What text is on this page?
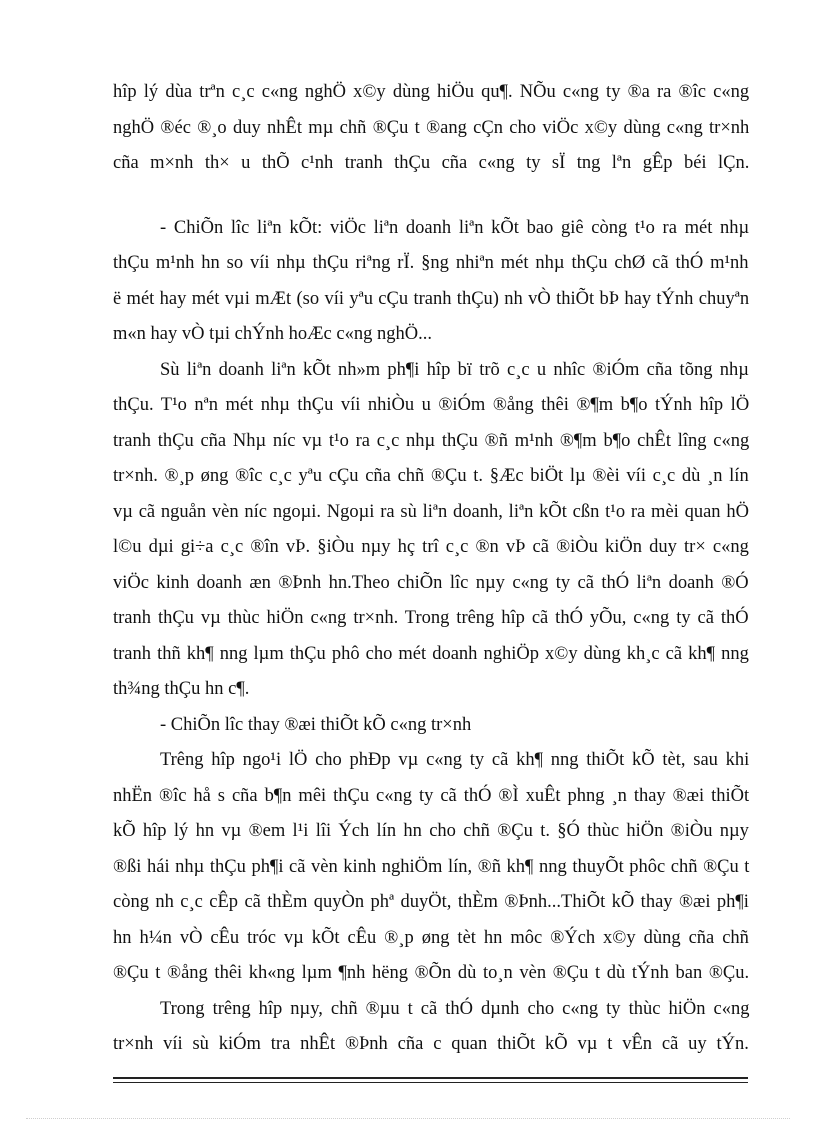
hîp lý dùa trªn c¸c c«ng nghÖ x©y dùng hiÖu qu¶. NÕu c«ng ty ®a ra ®îc c«ng
nghÖ ®éc ®¸o duy nhÊt mµ chñ ®Çu t ®ang cÇn cho viÖc x©y dùng c«ng tr×nh
cña m×nh th× u thÕ c¹nh tranh thÇu cña c«ng ty sÏ tng lªn gÊp béi lÇn.
- ChiÕn lîc liªn kÕt: viÖc liªn doanh liªn kÕt bao giê còng t¹o ra mét nhµ
thÇu m¹nh hn so víi nhµ thÇu riªng rÏ. §ng nhiªn mét nhµ thÇu chØ cã thÓ m¹nh
ë mét hay mét vµi mÆt (so víi yªu cÇu tranh thÇu) nh vÒ thiÕt bÞ hay tÝnh chuyªn
m«n hay vÒ tµi chÝnh hoÆc c«ng nghÖ...
Sù liªn doanh liªn kÕt nh»m ph¶i hîp bï trõ c¸c u nhîc ®iÓm cña tõng nhµ
thÇu. T¹o nªn mét nhµ thÇu víi nhiÒu u ®iÓm ®ång thêi ®¶m b¶o tÝnh hîp lÖ
tranh thÇu cña Nhµ níc vµ t¹o ra c¸c nhµ thÇu ®ñ m¹nh ®¶m b¶o chÊt lîng c«ng
tr×nh. ®¸p øng ®îc c¸c yªu cÇu cña chñ ®Çu t. §Æc biÖt lµ ®èi víi c¸c dù ¸n lín
vµ cã nguån vèn níc ngoµi. Ngoµi ra sù liªn doanh, liªn kÕt cßn t¹o ra mèi quan hÖ
l©u dµi gi÷a c¸c ®în vÞ. §iÒu nµy hç trî c¸c ®n vÞ cã ®iÒu kiÖn duy tr× c«ng
viÖc kinh doanh æn ®Þnh hn.Theo chiÕn lîc nµy c«ng ty cã thÓ liªn doanh ®Ó
tranh thÇu vµ thùc hiÖn c«ng tr×nh. Trong trêng hîp cã thÓ yÕu, c«ng ty cã thÓ
tranh thñ kh¶ nng lµm thÇu phô cho mét doanh nghiÖp x©y dùng kh¸c cã kh¶ nng
th¾ng thÇu hn c¶.
- ChiÕn lîc thay ®æi thiÕt kÕ c«ng tr×nh
Trêng hîp ngo¹i lÖ cho phÐp vµ c«ng ty cã kh¶ nng thiÕt kÕ tèt, sau khi
nhËn ®îc hå s cña b¶n mêi thÇu c«ng ty cã thÓ ®Ì xuÊt phng ¸n thay ®æi thiÕt
kÕ hîp lý hn vµ ®em l¹i lîi Ých lín hn cho chñ ®Çu t. §Ó thùc hiÖn ®iÒu nµy
®ßi hái nhµ thÇu ph¶i cã vèn kinh nghiÖm lín, ®ñ kh¶ nng thuyÕt phôc chñ ®Çu t
còng nh c¸c cÊp cã thÈm quyÒn phª duyÖt, thÈm ®Þnh...ThiÕt kÕ thay ®æi ph¶i
hn h¼n vÒ cÊu tróc vµ kÕt cÊu ®¸p øng tèt hn môc ®Ých x©y dùng cña chñ
®Çu t ®ång thêi kh«ng lµm ¶nh hëng ®Õn dù to¸n vèn ®Çu t dù tÝnh ban ®Çu.
Trong trêng hîp nµy, chñ ®µu t cã thÓ dµnh cho c«ng ty thùc hiÖn c«ng
tr×nh víi sù kiÓm tra nhÊt ®Þnh cña c quan thiÕt kÕ vµ t vÊn cã uy tÝn.
